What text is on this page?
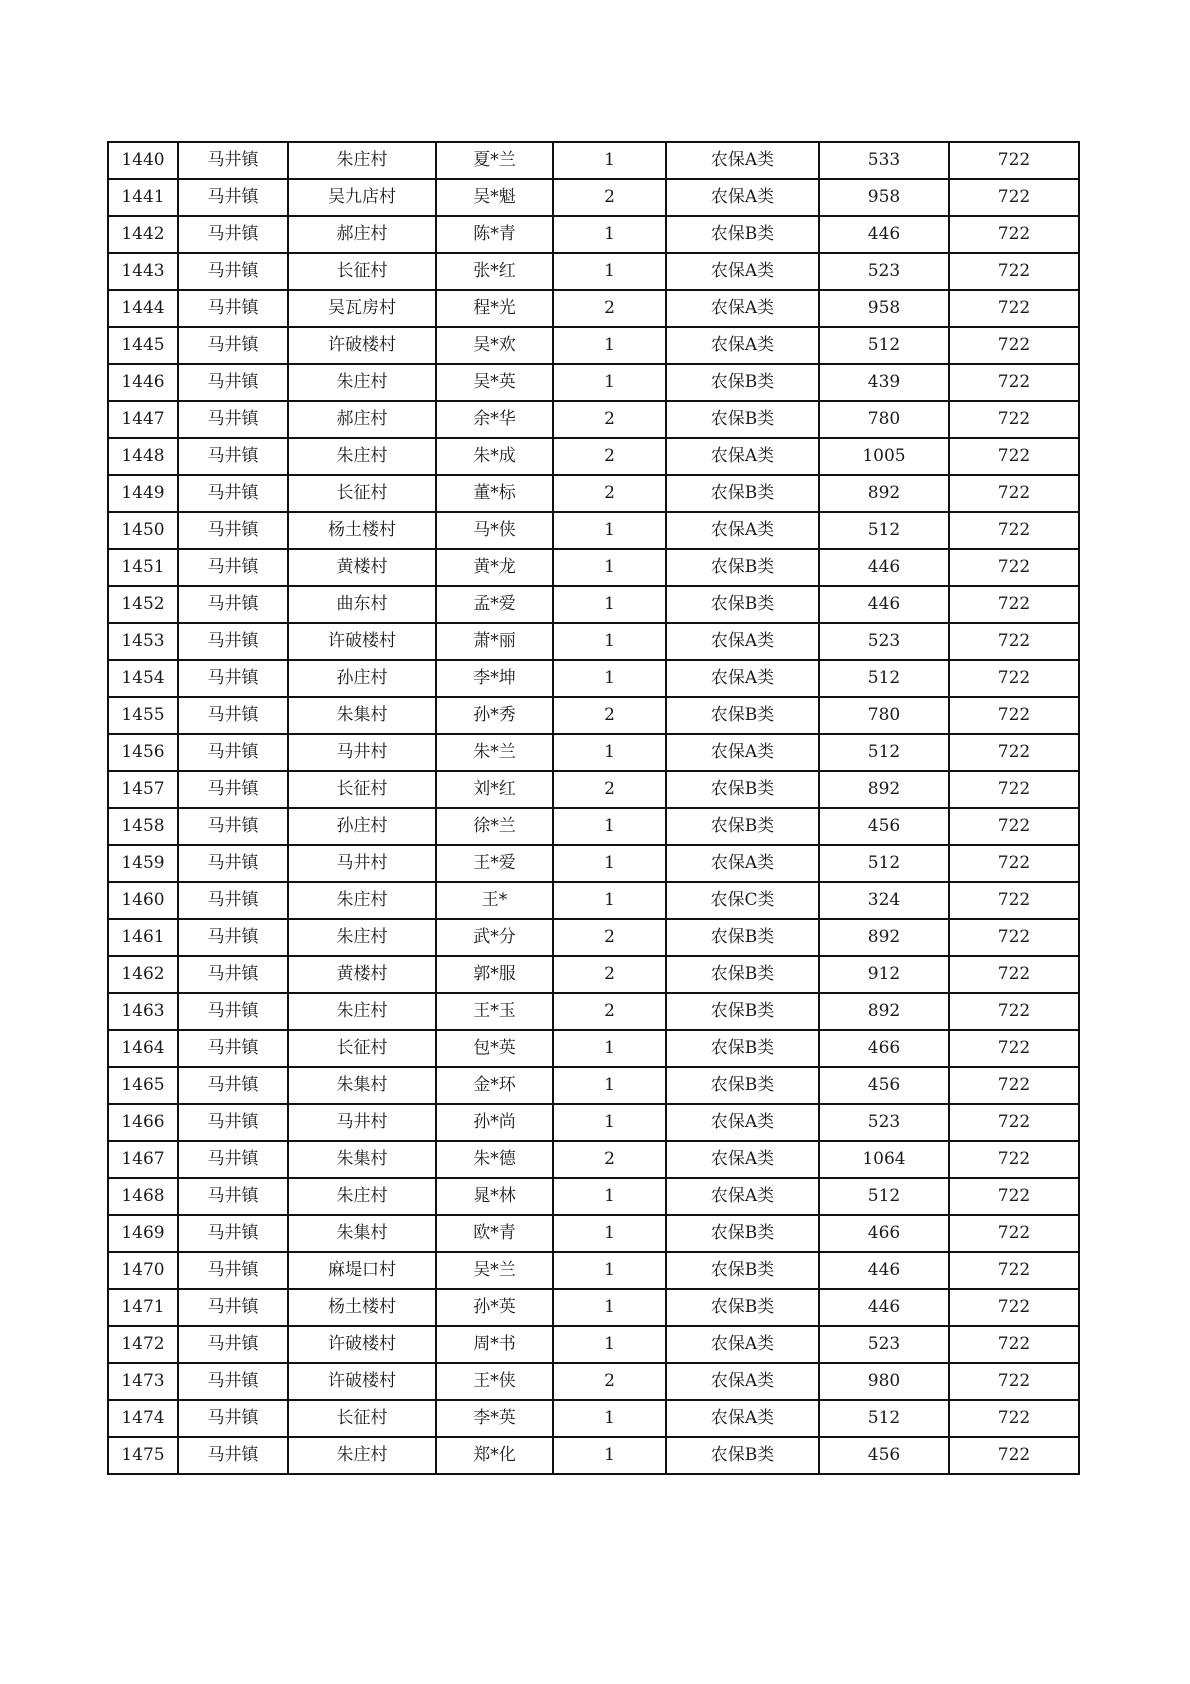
1440	马井镇	朱庄村	夏*兰	1	农保A类	533	722
1441	马井镇	吴九店村	吴*魁	2	农保A类	958	722
1442	马井镇	郝庄村	陈*青	1	农保B类	446	722
1443	马井镇	长征村	张*红	1	农保A类	523	722
1444	马井镇	吴瓦房村	程*光	2	农保A类	958	722
1445	马井镇	许破楼村	吴*欢	1	农保A类	512	722
1446	马井镇	朱庄村	吴*英	1	农保B类	439	722
1447	马井镇	郝庄村	余*华	2	农保B类	780	722
1448	马井镇	朱庄村	朱*成	2	农保A类	1005	722
1449	马井镇	长征村	董*标	2	农保B类	892	722
1450	马井镇	杨土楼村	马*侠	1	农保A类	512	722
1451	马井镇	黄楼村	黄*龙	1	农保B类	446	722
1452	马井镇	曲东村	孟*爱	1	农保B类	446	722
1453	马井镇	许破楼村	萧*丽	1	农保A类	523	722
1454	马井镇	孙庄村	李*坤	1	农保A类	512	722
1455	马井镇	朱集村	孙*秀	2	农保B类	780	722
1456	马井镇	马井村	朱*兰	1	农保A类	512	722
1457	马井镇	长征村	刘*红	2	农保B类	892	722
1458	马井镇	孙庄村	徐*兰	1	农保B类	456	722
1459	马井镇	马井村	王*爱	1	农保A类	512	722
1460	马井镇	朱庄村	王*	1	农保C类	324	722
1461	马井镇	朱庄村	武*分	2	农保B类	892	722
1462	马井镇	黄楼村	郭*服	2	农保B类	912	722
1463	马井镇	朱庄村	王*玉	2	农保B类	892	722
1464	马井镇	长征村	包*英	1	农保B类	466	722
1465	马井镇	朱集村	金*环	1	农保B类	456	722
1466	马井镇	马井村	孙*尚	1	农保A类	523	722
1467	马井镇	朱集村	朱*德	2	农保A类	1064	722
1468	马井镇	朱庄村	晁*林	1	农保A类	512	722
1469	马井镇	朱集村	欧*青	1	农保B类	466	722
1470	马井镇	麻堤口村	吴*兰	1	农保B类	446	722
1471	马井镇	杨土楼村	孙*英	1	农保B类	446	722
1472	马井镇	许破楼村	周*书	1	农保A类	523	722
1473	马井镇	许破楼村	王*侠	2	农保A类	980	722
1474	马井镇	长征村	李*英	1	农保A类	512	722
1475	马井镇	朱庄村	郑*化	1	农保B类	456	722
